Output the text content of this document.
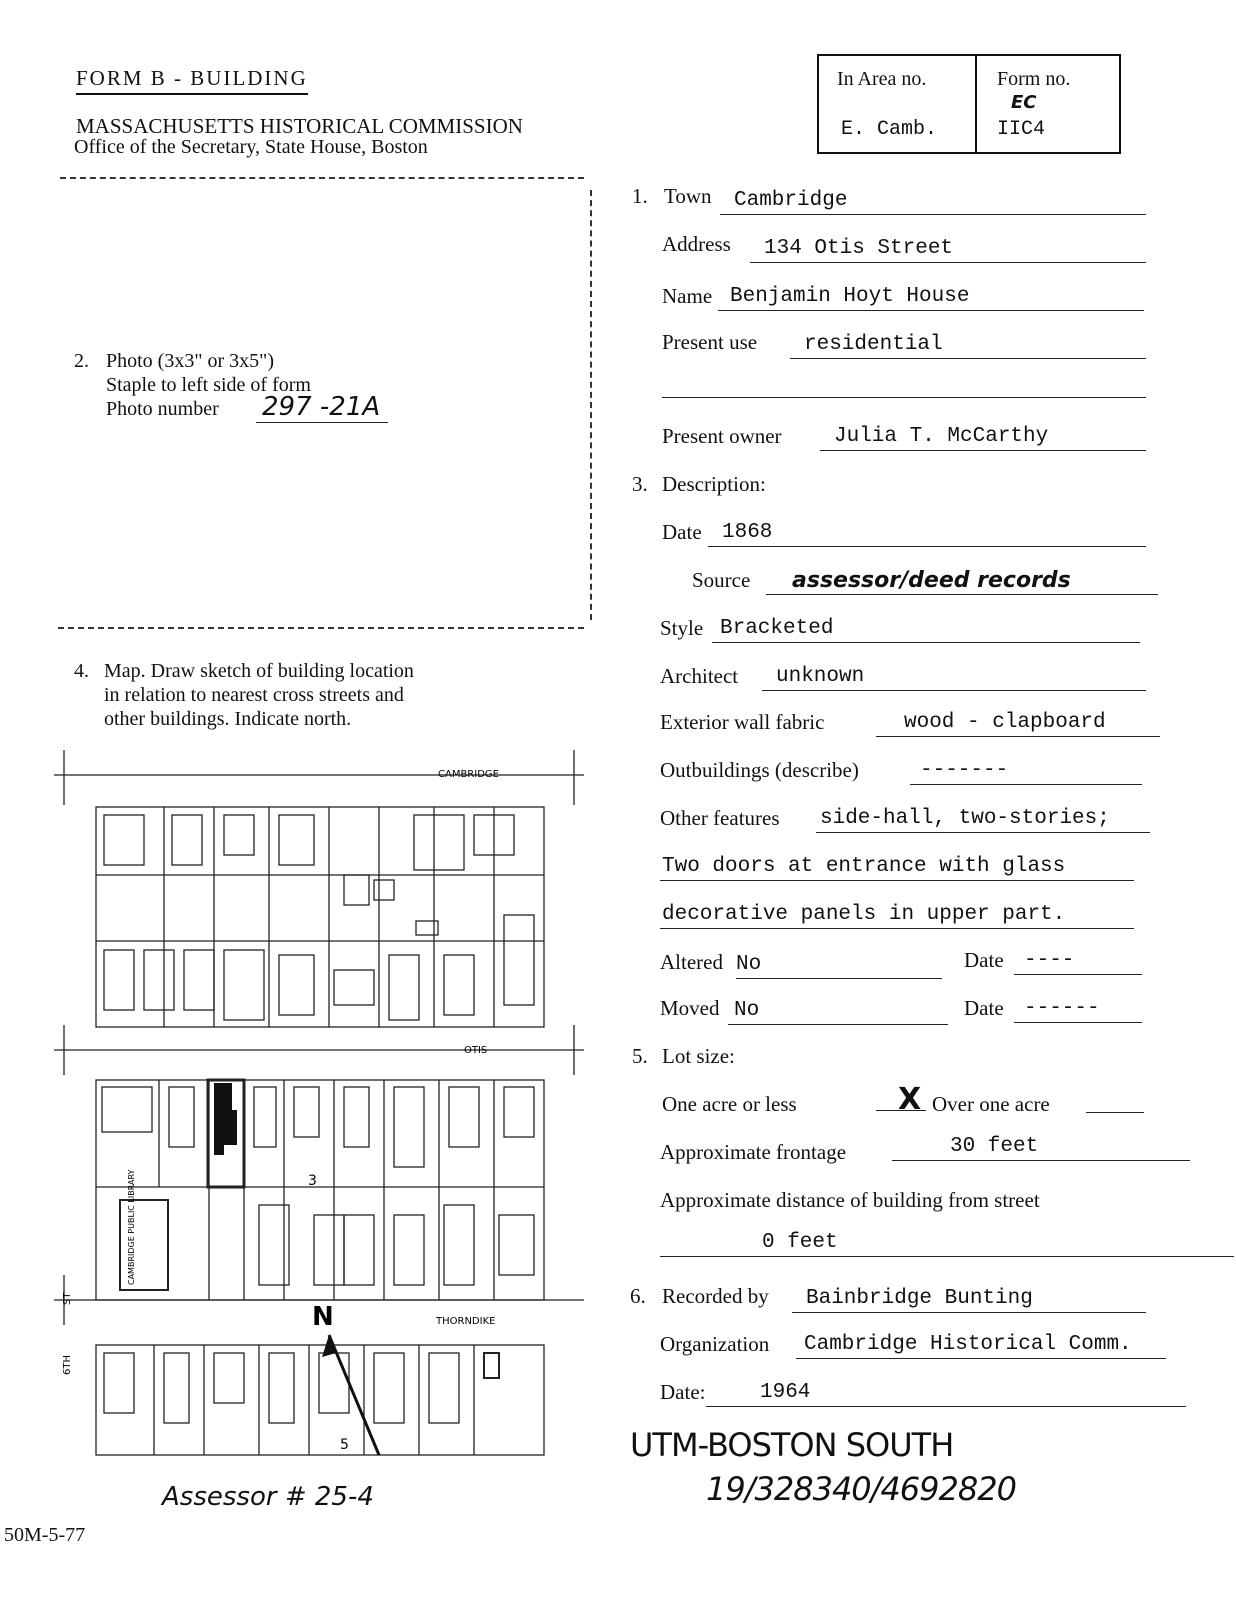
FORM B - BUILDING
MASSACHUSETTS HISTORICAL COMMISSION
Office of the Secretary, State House, Boston
In Area no.
E. Camb.
Form no.
EC
IIC4
2. Photo (3x3" or 3x5")
Staple to left side of form
Photo number 297 -21A
4. Map. Draw sketch of building location
in relation to nearest cross streets and
other buildings. Indicate north.
N
CAMBRIDGE
OTIS
THORNDIKE
6TH
ST
CAMBRIDGE PUBLIC LIBRARY	3
5
Assessor # 25-4
1. Town	Cambridge
Address	134 Otis Street
Name Benjamin Hoyt House
Present use	residential
Present owner	Julia T. McCarthy
3. Description:
Date 1868
Source	assessor/deed records
Style Bracketed
Architect	unknown
Exterior wall fabric	wood - clapboard
Outbuildings (describe)	-------
Other features side-hall, two-stories;
Two doors at entrance with glass
decorative panels in upper part.
Altered No	Date ----
Moved No	Date ------
5. Lot size:
One acre or less	X Over one acre
Approximate frontage	30 feet
Approximate distance of building from street
0 feet
6. Recorded by	Bainbridge Bunting
Organization	Cambridge Historical Comm.
Date:	1964
UTM-BOSTON SOUTH
19/328340/4692820
50M-5-77
